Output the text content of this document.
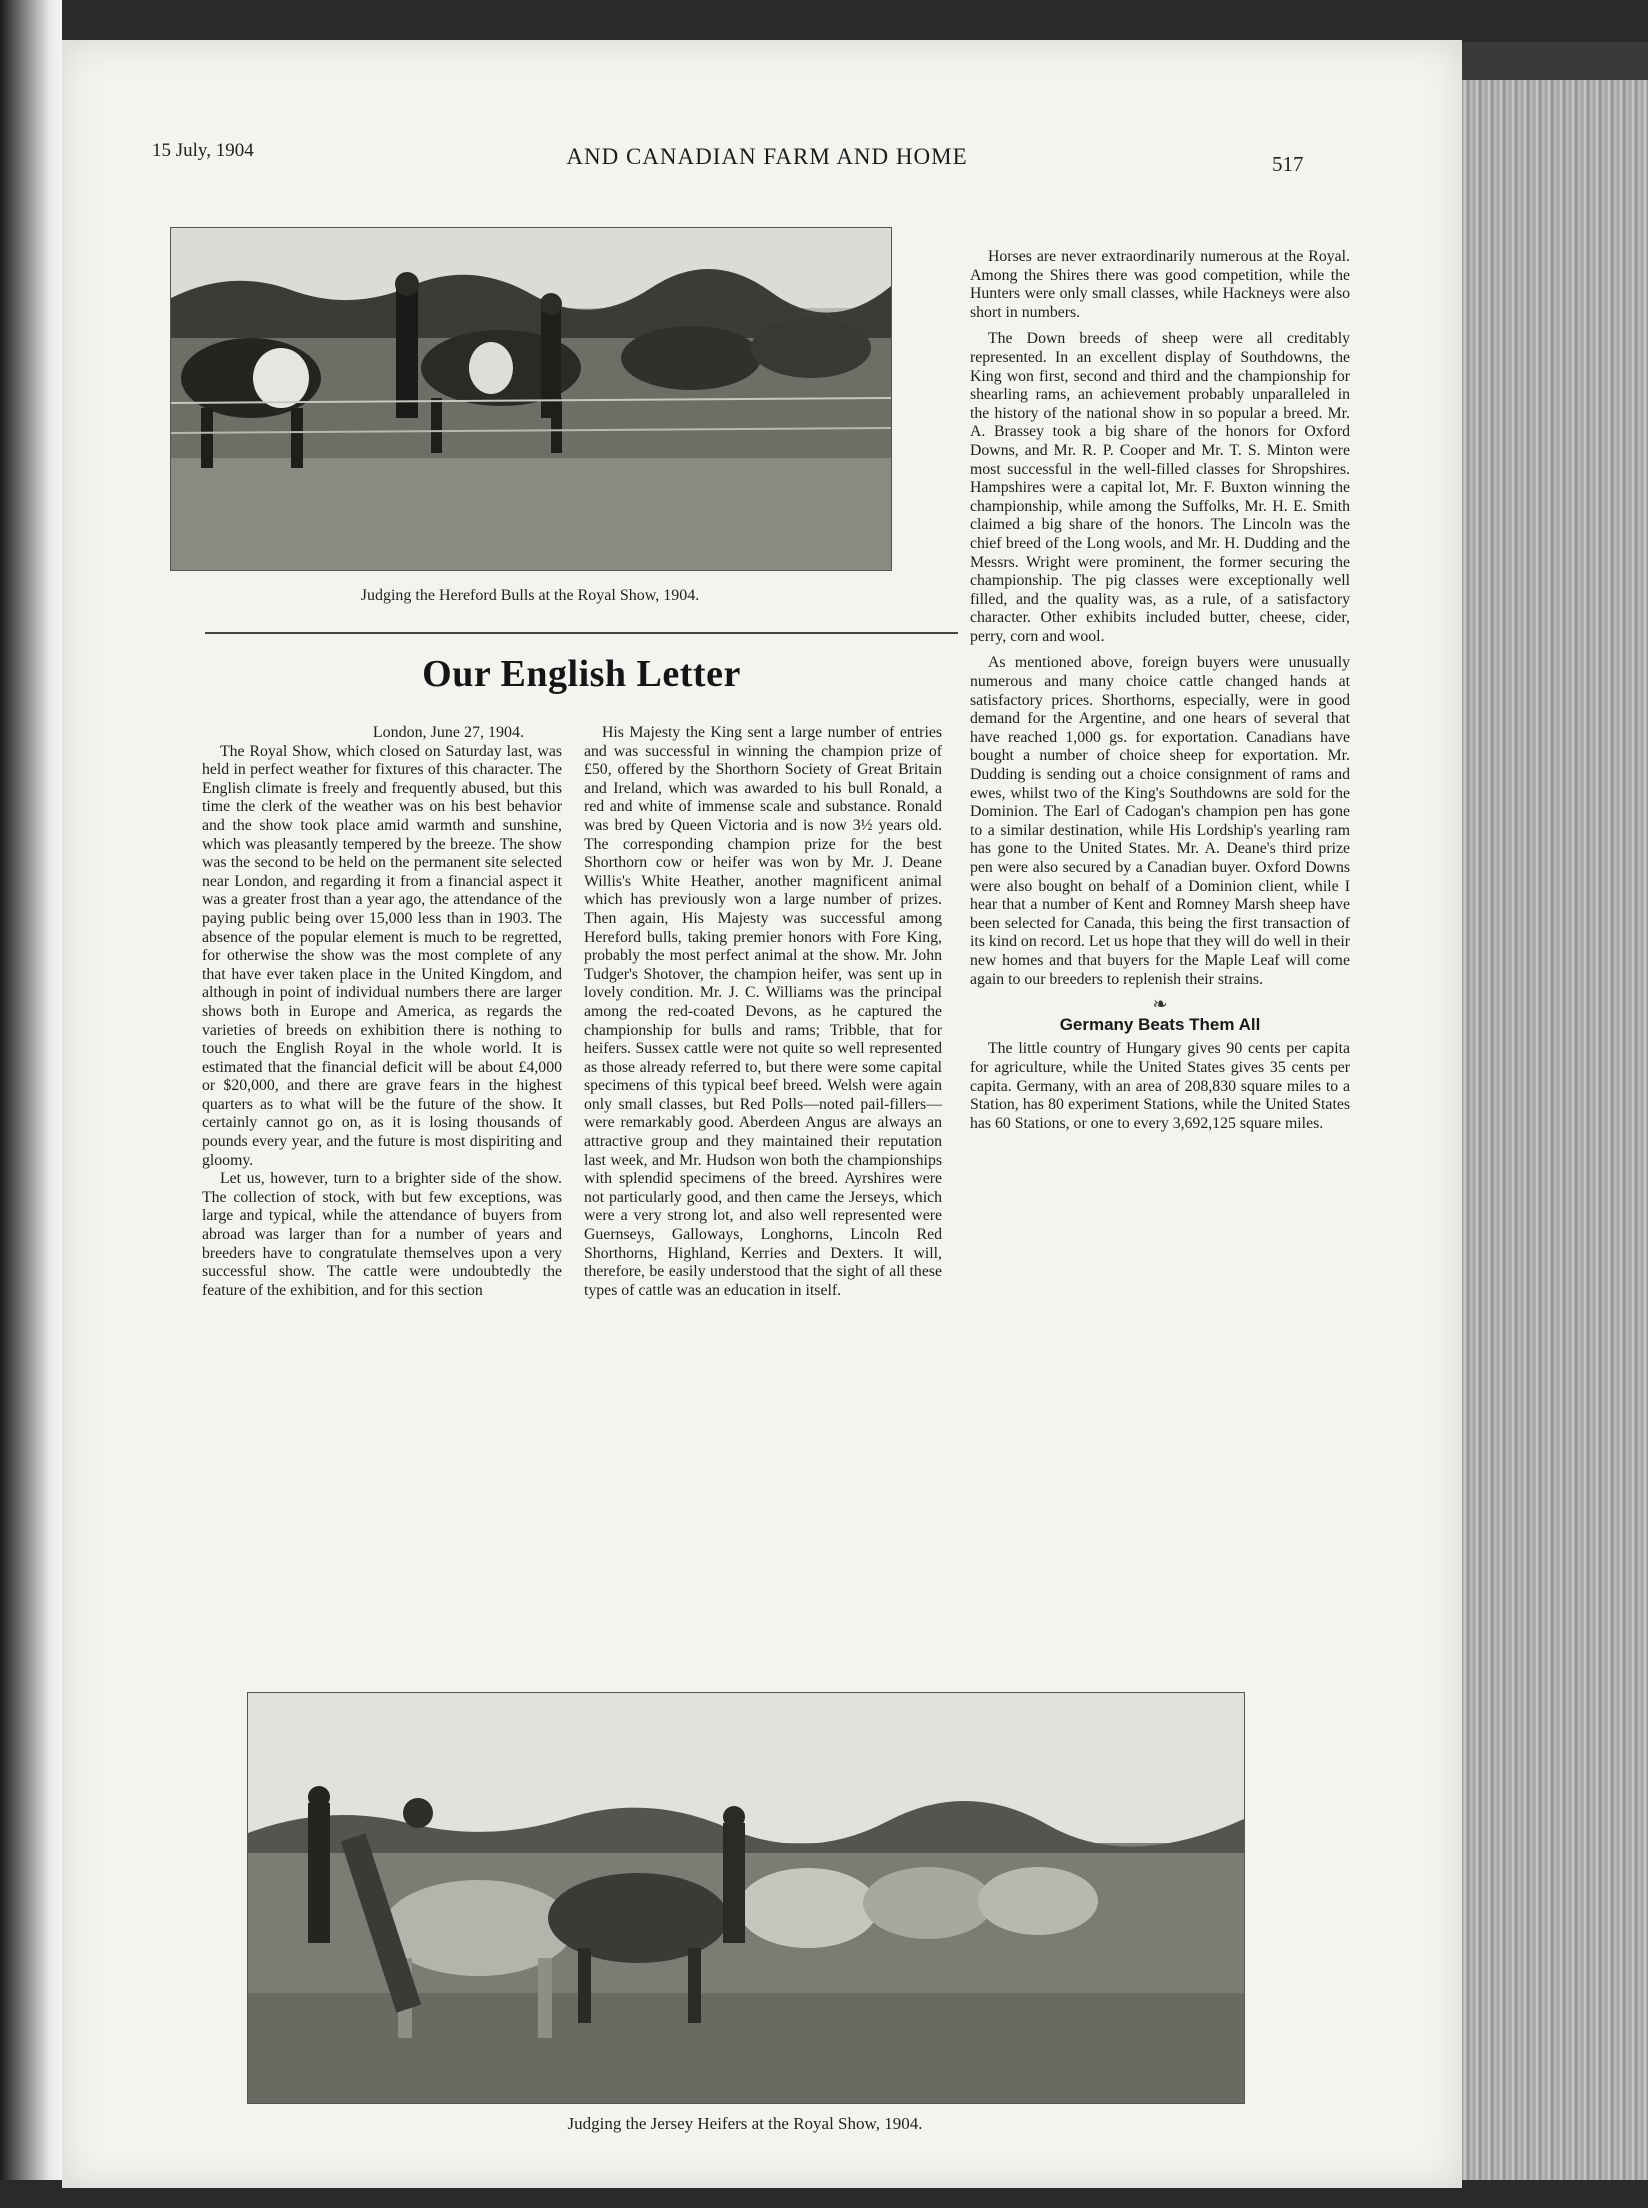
15 July, 1904	AND CANADIAN FARM AND HOME	517
Judging the Hereford Bulls at the Royal Show, 1904.
Our English Letter

London, June 27, 1904.

The Royal Show, which closed on Saturday last, was held in perfect weather for fixtures of this character. The English climate is freely and frequently abused, but this time the clerk of the weather was on his best behavior and the show took place amid warmth and sunshine, which was pleasantly tempered by the breeze. The show was the second to be held on the permanent site selected near London, and regarding it from a financial aspect it was a greater frost than a year ago, the attendance of the paying public being over 15,000 less than in 1903. The absence of the popular element is much to be regretted, for otherwise the show was the most complete of any that have ever taken place in the United Kingdom, and although in point of individual numbers there are larger shows both in Europe and America, as regards the varieties of breeds on exhibition there is nothing to touch the English Royal in the whole world. It is estimated that the financial deficit will be about £4,000 or $20,000, and there are grave fears in the highest quarters as to what will be the future of the show. It certainly cannot go on, as it is losing thousands of pounds every year, and the future is most dispiriting and gloomy.

Let us, however, turn to a brighter side of the show. The collection of stock, with but few exceptions, was large and typical, while the attendance of buyers from abroad was larger than for a number of years and breeders have to congratulate themselves upon a very successful show. The cattle were undoubtedly the feature of the exhibition, and for this section

His Majesty the King sent a large number of entries and was successful in winning the champion prize of £50, offered by the Shorthorn Society of Great Britain and Ireland, which was awarded to his bull Ronald, a red and white of immense scale and substance. Ronald was bred by Queen Victoria and is now 3½ years old. The corresponding champion prize for the best Shorthorn cow or heifer was won by Mr. J. Deane Willis's White Heather, another magnificent animal which has previously won a large number of prizes. Then again, His Majesty was successful among Hereford bulls, taking premier honors with Fore King, probably the most perfect animal at the show. Mr. John Tudger's Shotover, the champion heifer, was sent up in lovely condition. Mr. J. C. Williams was the principal among the red-coated Devons, as he captured the championship for bulls and rams; Tribble, that for heifers. Sussex cattle were not quite so well represented as those already referred to, but there were some capital specimens of this typical beef breed. Welsh were again only small classes, but Red Polls—noted pail-fillers—were remarkably good. Aberdeen Angus are always an attractive group and they maintained their reputation last week, and Mr. Hudson won both the championships with splendid specimens of the breed. Ayrshires were not particularly good, and then came the Jerseys, which were a very strong lot, and also well represented were Guernseys, Galloways, Longhorns, Lincoln Red Shorthorns, Highland, Kerries and Dexters. It will, therefore, be easily understood that the sight of all these types of cattle was an education in itself.

Horses are never extraordinarily numerous at the Royal. Among the Shires there was good competition, while the Hunters were only small classes, while Hackneys were also short in numbers.

The Down breeds of sheep were all creditably represented. In an excellent display of Southdowns, the King won first, second and third and the championship for shearling rams, an achievement probably unparalleled in the history of the national show in so popular a breed. Mr. A. Brassey took a big share of the honors for Oxford Downs, and Mr. R. P. Cooper and Mr. T. S. Minton were most successful in the well-filled classes for Shropshires. Hampshires were a capital lot, Mr. F. Buxton winning the championship, while among the Suffolks, Mr. H. E. Smith claimed a big share of the honors. The Lincoln was the chief breed of the Long wools, and Mr. H. Dudding and the Messrs. Wright were prominent, the former securing the championship. The pig classes were exceptionally well filled, and the quality was, as a rule, of a satisfactory character. Other exhibits included butter, cheese, cider, perry, corn and wool.

As mentioned above, foreign buyers were unusually numerous and many choice cattle changed hands at satisfactory prices. Shorthorns, especially, were in good demand for the Argentine, and one hears of several that have reached 1,000 gs. for exportation. Canadians have bought a number of choice sheep for exportation. Mr. Dudding is sending out a choice consignment of rams and ewes, whilst two of the King's Southdowns are sold for the Dominion. The Earl of Cadogan's champion pen has gone to a similar destination, while His Lordship's yearling ram has gone to the United States. Mr. A. Deane's third prize pen were also secured by a Canadian buyer. Oxford Downs were also bought on behalf of a Dominion client, while I hear that a number of Kent and Romney Marsh sheep have been selected for Canada, this being the first transaction of its kind on record. Let us hope that they will do well in their new homes and that buyers for the Maple Leaf will come again to our breeders to replenish their strains.

❧
Germany Beats Them All

The little country of Hungary gives 90 cents per capita for agriculture, while the United States gives 35 cents per capita. Germany, with an area of 208,830 square miles to a Station, has 80 experiment Stations, while the United States has 60 Stations, or one to every 3,692,125 square miles.

Judging the Jersey Heifers at the Royal Show, 1904.
